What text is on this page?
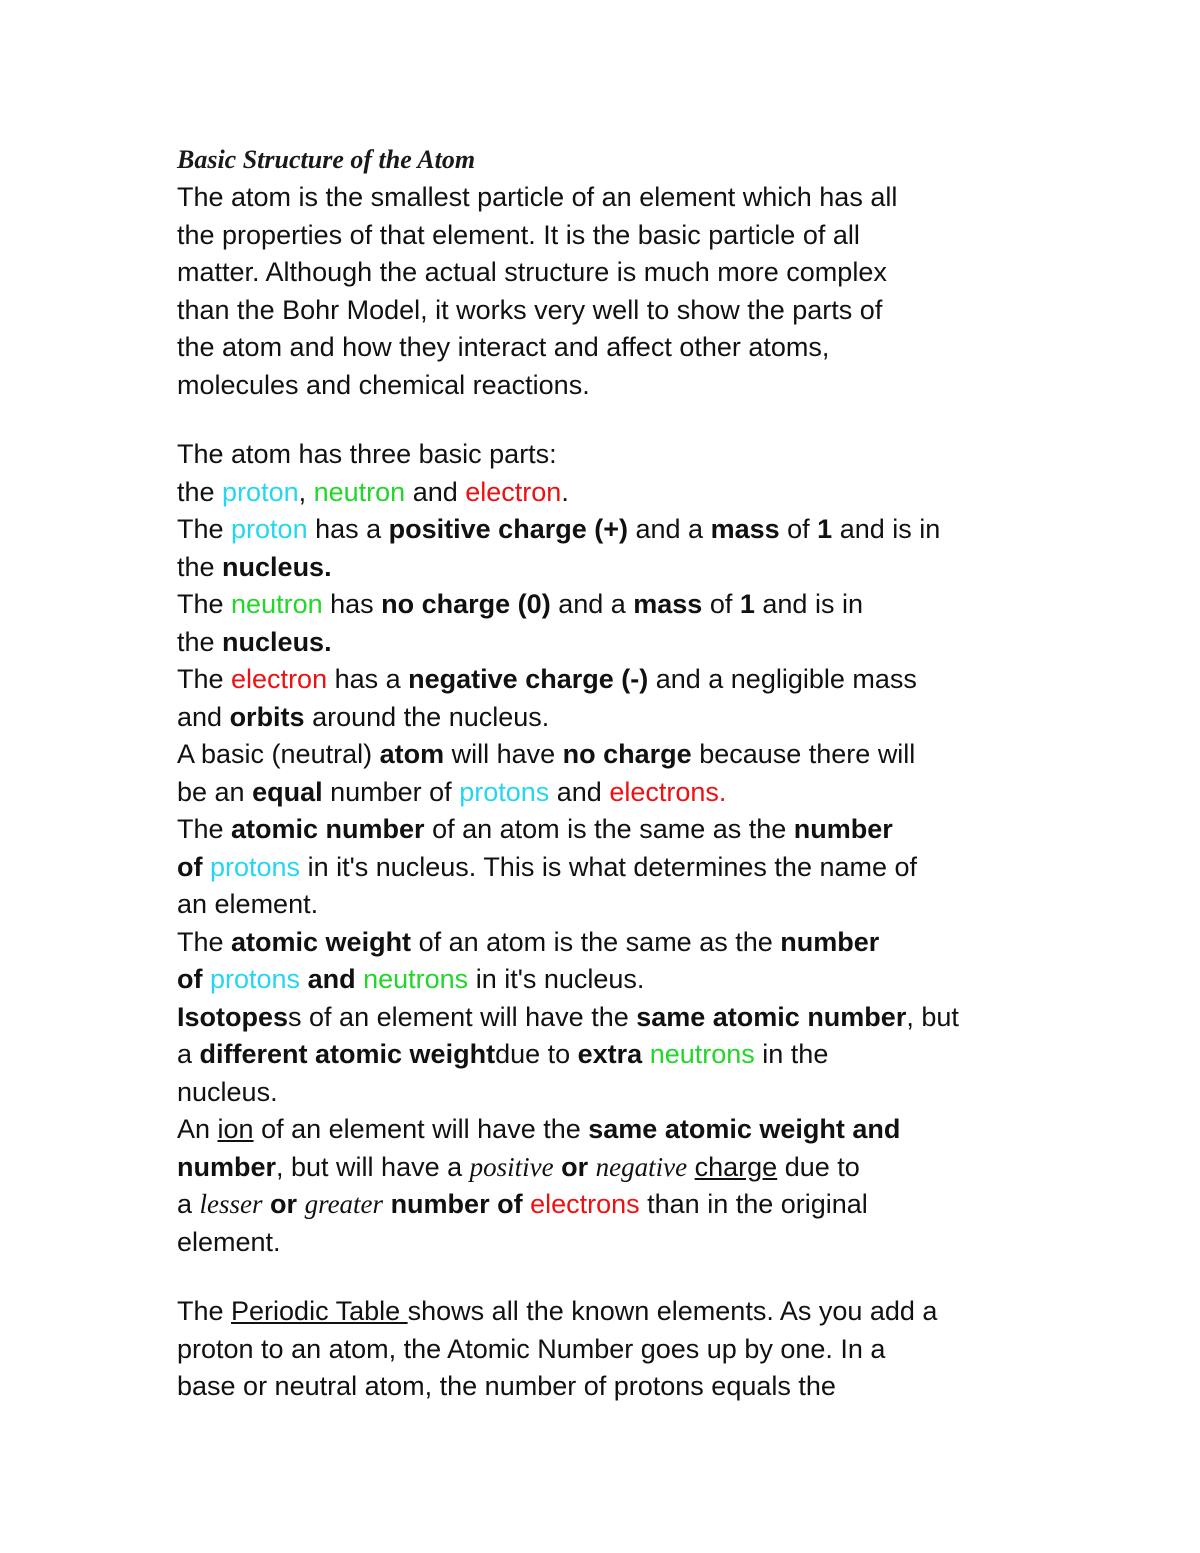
Basic Structure of the Atom
The atom is the smallest particle of an element which has all
the properties of that element. It is the basic particle of all
matter. Although the actual structure is much more complex
than the Bohr Model, it works very well to show the parts of
the atom and how they interact and affect other atoms,
molecules and chemical reactions.
The atom has three basic parts:
the proton, neutron and electron.
The proton has a positive charge (+) and a mass of 1 and is in
the nucleus.
The neutron has no charge (0) and a mass of 1 and is in
the nucleus.
The electron has a negative charge (-) and a negligible mass
and orbits around the nucleus.
A basic (neutral) atom will have no charge because there will
be an equal number of protons and electrons.
The atomic number of an atom is the same as the number
of protons in it's nucleus. This is what determines the name of
an element.
The atomic weight of an atom is the same as the number
of protons and neutrons in it's nucleus.
Isotopess of an element will have the same atomic number, but
a different atomic weightdue to extra neutrons in the
nucleus.
An ion of an element will have the same atomic weight and
number, but will have a positive or negative charge due to
a lesser or greater number of electrons than in the original
element.
The Periodic Table shows all the known elements. As you add a
proton to an atom, the Atomic Number goes up by one. In a
base or neutral atom, the number of protons equals the
